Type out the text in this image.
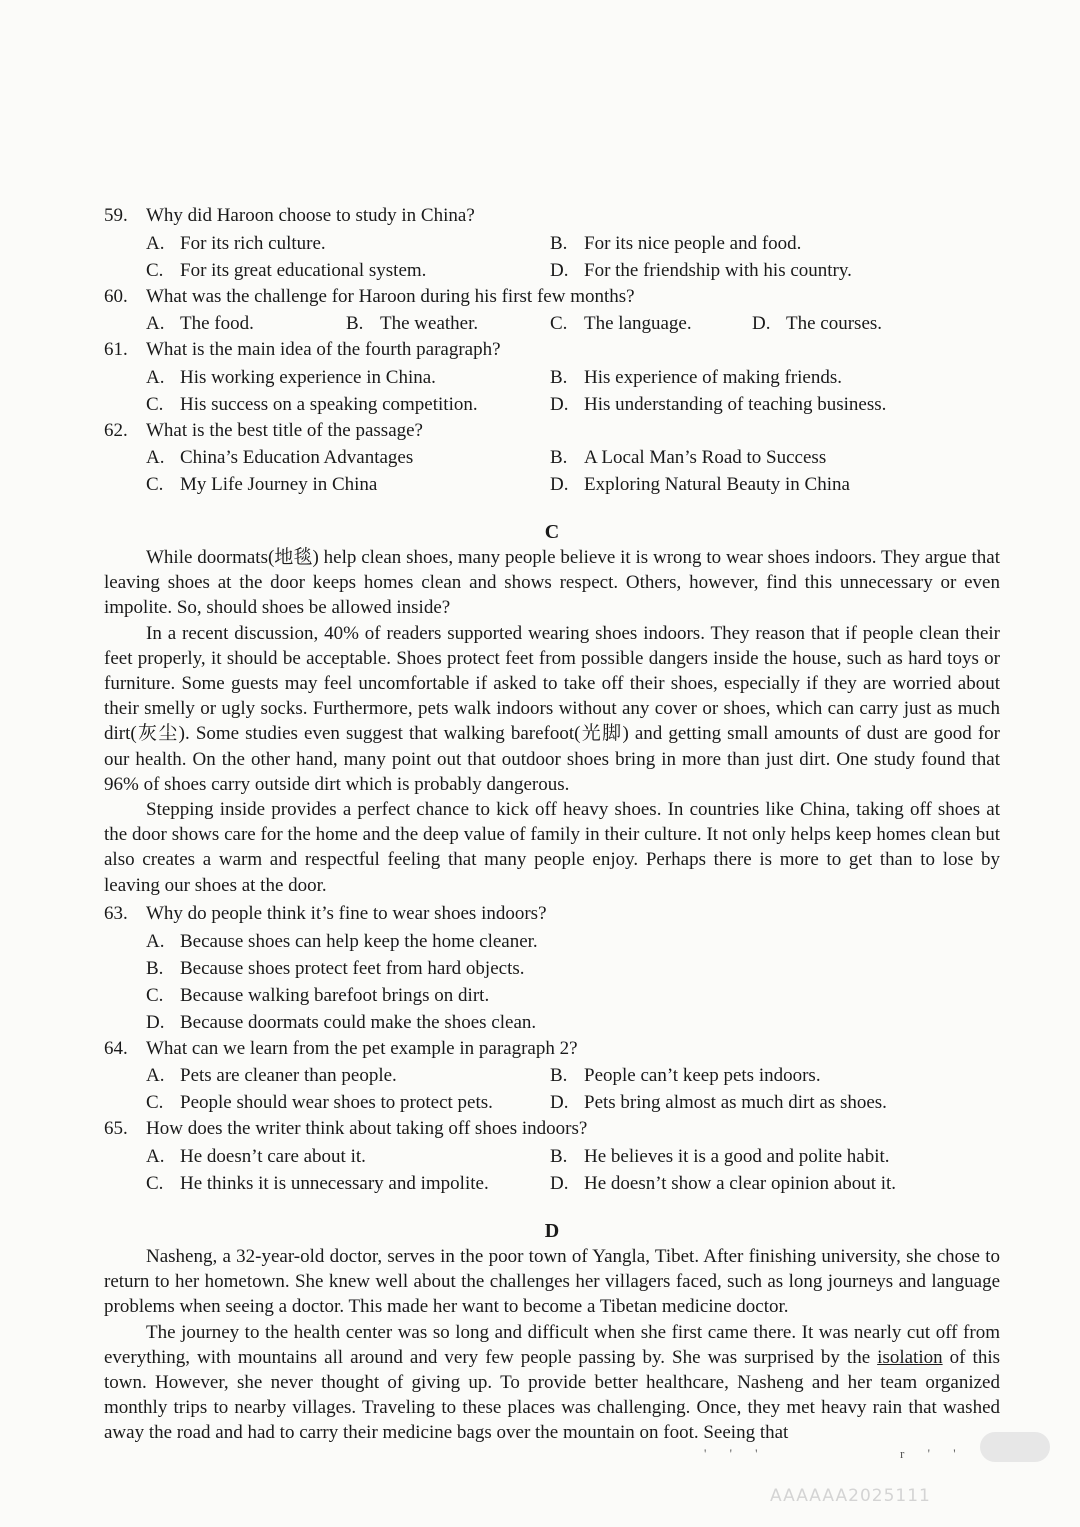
59. Why did Haroon choose to study in China?
A. For its rich culture.	B. For its nice people and food.
C. For its great educational system.	D. For the friendship with his country.
60. What was the challenge for Haroon during his first few months?
A. The food.	B. The weather.	C. The language.	D. The courses.
61. What is the main idea of the fourth paragraph?
A. His working experience in China.	B. His experience of making friends.
C. His success on a speaking competition.	D. His understanding of teaching business.
62. What is the best title of the passage?
A. China’s Education Advantages	B. A Local Man’s Road to Success
C. My Life Journey in China	D. Exploring Natural Beauty in China
C

While doormats(地毯) help clean shoes, many people believe it is wrong to wear shoes indoors. They argue that leaving shoes at the door keeps homes clean and shows respect. Others, however, find this unnecessary or even impolite. So, should shoes be allowed inside?

In a recent discussion, 40% of readers supported wearing shoes indoors. They reason that if people clean their feet properly, it should be acceptable. Shoes protect feet from possible dangers inside the house, such as hard toys or furniture. Some guests may feel uncomfortable if asked to take off their shoes, especially if they are worried about their smelly or ugly socks. Furthermore, pets walk indoors without any cover or shoes, which can carry just as much dirt(灰尘). Some studies even suggest that walking barefoot(光脚) and getting small amounts of dust are good for our health. On the other hand, many point out that outdoor shoes bring in more than just dirt. One study found that 96% of shoes carry outside dirt which is probably dangerous.

Stepping inside provides a perfect chance to kick off heavy shoes. In countries like China, taking off shoes at the door shows care for the home and the deep value of family in their culture. It not only helps keep homes clean but also creates a warm and respectful feeling that many people enjoy. Perhaps there is more to get than to lose by leaving our shoes at the door.

63. Why do people think it’s fine to wear shoes indoors?
A. Because shoes can help keep the home cleaner.
B. Because shoes protect feet from hard objects.
C. Because walking barefoot brings on dirt.
D. Because doormats could make the shoes clean.
64. What can we learn from the pet example in paragraph 2?
A. Pets are cleaner than people.	B. People can’t keep pets indoors.
C. People should wear shoes to protect pets.	D. Pets bring almost as much dirt as shoes.
65. How does the writer think about taking off shoes indoors?
A. He doesn’t care about it.	B. He believes it is a good and polite habit.
C. He thinks it is unnecessary and impolite.	D. He doesn’t show a clear opinion about it.
D

Nasheng, a 32-year-old doctor, serves in the poor town of Yangla, Tibet. After finishing university, she chose to return to her hometown. She knew well about the challenges her villagers faced, such as long journeys and language problems when seeing a doctor. This made her want to become a Tibetan medicine doctor.

The journey to the health center was so long and difficult when she first came there. It was nearly cut off from everything, with mountains all around and very few people passing by. She was surprised by the isolation of this town. However, she never thought of giving up. To provide better healthcare, Nasheng and her team organized monthly trips to nearby villages. Traveling to these places was challenging. Once, they met heavy rain that washed away the road and had to carry their medicine bags over the mountain on foot. Seeing that

' ' '          r ' '
AAAAAA2025111
